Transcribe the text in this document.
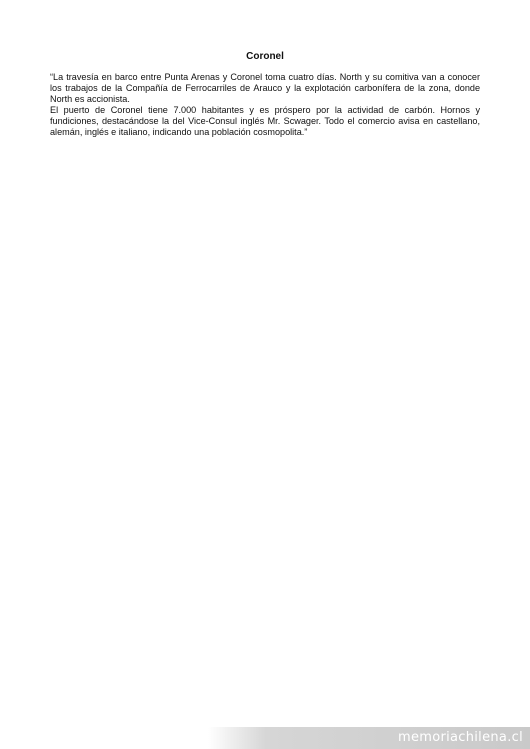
Coronel

“La travesía en barco entre Punta Arenas y Coronel toma cuatro días. North y su comitiva van a conocer los trabajos de la Compañía de Ferrocarriles de Arauco y la explotación carbonífera de la zona, donde North es accionista.

El puerto de Coronel tiene 7.000 habitantes y es próspero por la actividad de carbón. Hornos y fundiciones, destacándose la del Vice-Consul inglés Mr. Scwager. Todo el comercio avisa en castellano, alemán, inglés e italiano, indicando una población cosmopolita.”

memoriachilena.cl
